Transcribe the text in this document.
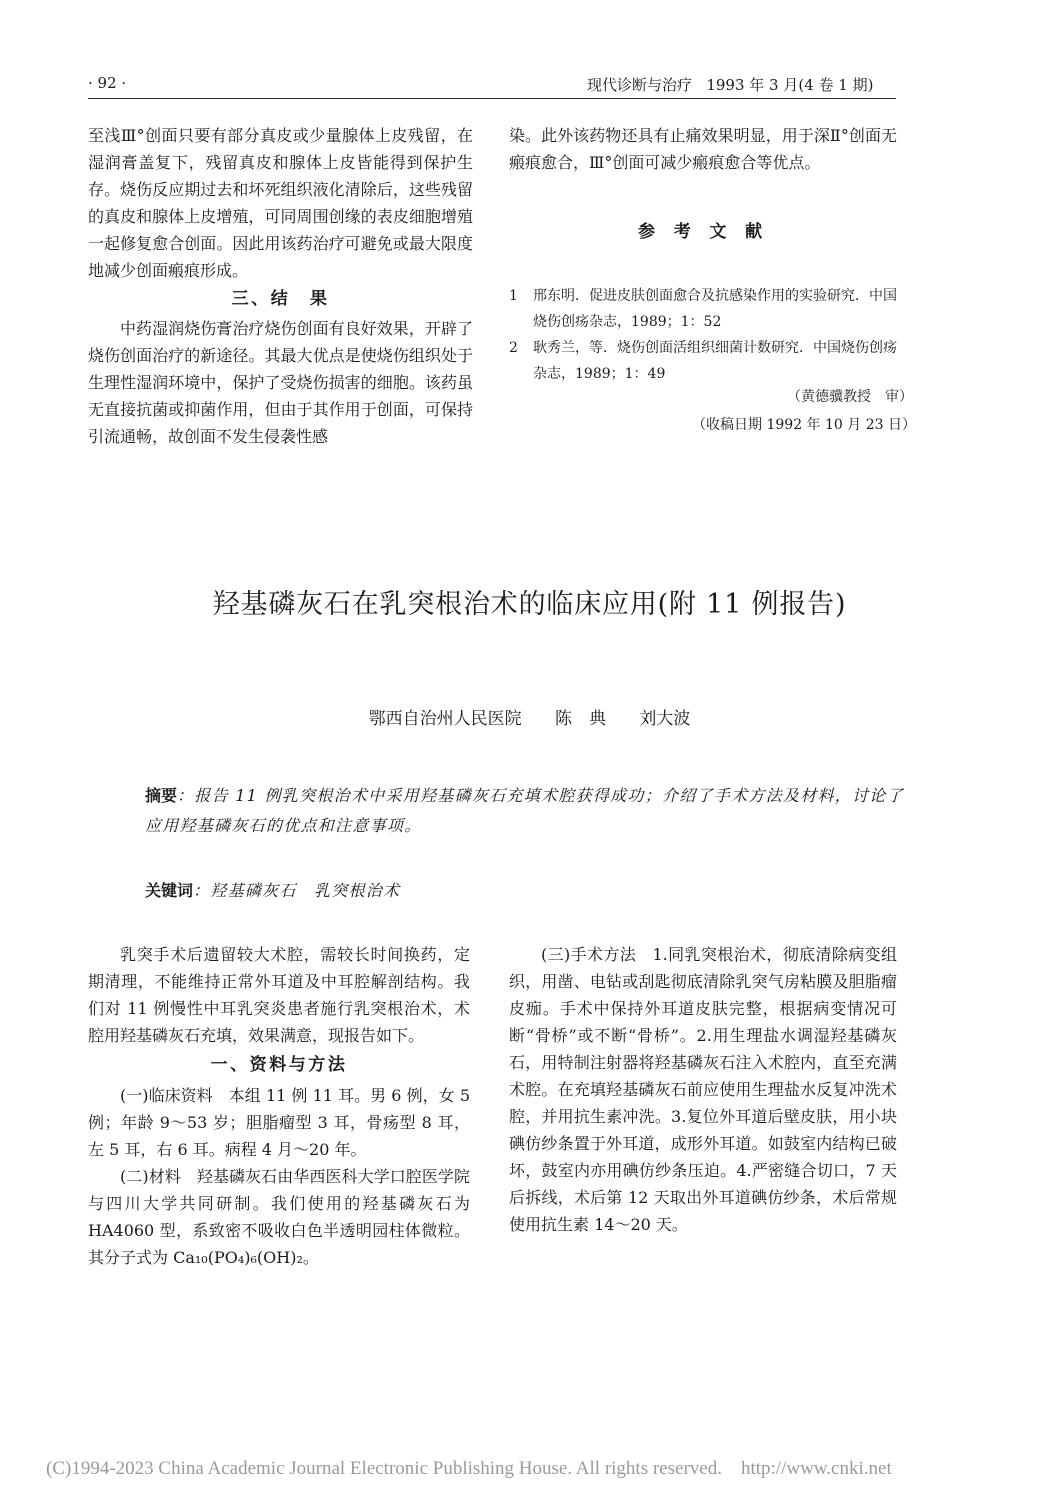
· 92 ·	现代诊断与治疗 1993 年 3 月(4 卷 1 期)

至浅Ⅲ°创面只要有部分真皮或少量腺体上皮残留，在湿润膏盖复下，残留真皮和腺体上皮皆能得到保护生存。烧伤反应期过去和坏死组织液化清除后，这些残留的真皮和腺体上皮增殖，可同周围创缘的表皮细胞增殖一起修复愈合创面。因此用该药治疗可避免或最大限度地减少创面瘢痕形成。

三、结　果

中药湿润烧伤膏治疗烧伤创面有良好效果，开辟了烧伤创面治疗的新途径。其最大优点是使烧伤组织处于生理性湿润环境中，保护了受烧伤损害的细胞。该药虽无直接抗菌或抑菌作用，但由于其作用于创面，可保持引流通畅，故创面不发生侵袭性感

染。此外该药物还具有止痛效果明显，用于深Ⅱ°创面无瘢痕愈合，Ⅲ°创面可减少瘢痕愈合等优点。

参考文献
1	邢东明．促进皮肤创面愈合及抗感染作用的实验研究．中国烧伤创疡杂志，1989；1：52
2	耿秀兰，等．烧伤创面活组织细菌计数研究．中国烧伤创疡杂志，1989；1：49
（黄德骥教授　审）
（收稿日期 1992 年 10 月 23 日）
羟基磷灰石在乳突根治术的临床应用(附 11 例报告)
鄂西自治州人民医院 陈　典 刘大波
摘要：报告 11 例乳突根治术中采用羟基磷灰石充填术腔获得成功；介绍了手术方法及材料，讨论了应用羟基磷灰石的优点和注意事项。
关键词：羟基磷灰石　乳突根治术

乳突手术后遗留较大术腔，需较长时间换药，定期清理，不能维持正常外耳道及中耳腔解剖结构。我们对 11 例慢性中耳乳突炎患者施行乳突根治术，术腔用羟基磷灰石充填，效果满意，现报告如下。

一、资料与方法

(一)临床资料　本组 11 例 11 耳。男 6 例，女 5 例；年龄 9～53 岁；胆脂瘤型 3 耳，骨疡型 8 耳，左 5 耳，右 6 耳。病程 4 月～20 年。

(二)材料　羟基磷灰石由华西医科大学口腔医学院与四川大学共同研制。我们使用的羟基磷灰石为 HA4060 型，系致密不吸收白色半透明园柱体微粒。其分子式为 Ca₁₀(PO₄)₆(OH)₂。

(三)手术方法　1.同乳突根治术，彻底清除病变组织，用凿、电钻或刮匙彻底清除乳突气房粘膜及胆脂瘤皮痂。手术中保持外耳道皮肤完整，根据病变情况可断“骨桥”或不断“骨桥”。2.用生理盐水调湿羟基磷灰石，用特制注射器将羟基磷灰石注入术腔内，直至充满术腔。在充填羟基磷灰石前应使用生理盐水反复冲洗术腔，并用抗生素冲洗。3.复位外耳道后壁皮肤，用小块碘仿纱条置于外耳道，成形外耳道。如鼓室内结构已破坏，鼓室内亦用碘仿纱条压迫。4.严密缝合切口，7 天后拆线，术后第 12 天取出外耳道碘仿纱条，术后常规使用抗生素 14～20 天。

(C)1994-2023 China Academic Journal Electronic Publishing House. All rights reserved. http://www.cnki.net
